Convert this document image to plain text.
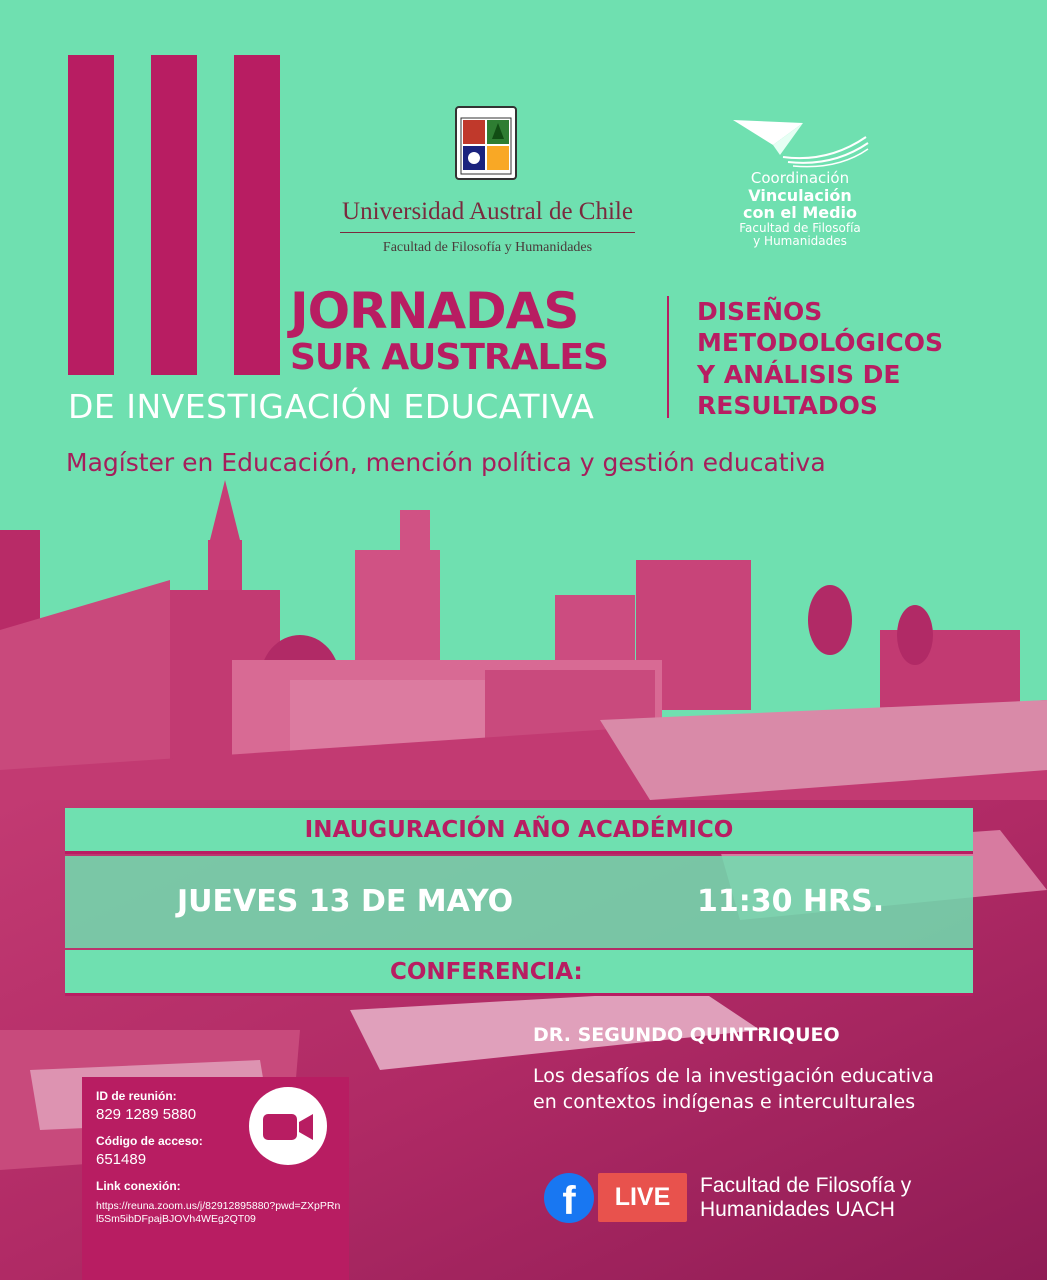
Universidad Austral de Chile
Facultad de Filosofía y Humanidades
Coordinación
Vinculación
con el Medio
Facultad de Filosofía
y Humanidades
JORNADAS
SUR AUSTRALES
DE INVESTIGACIÓN EDUCATIVA
DISEÑOS
METODOLÓGICOS
Y ANÁLISIS DE
RESULTADOS
Magíster en Educación, mención política y gestión educativa
INAUGURACIÓN AÑO ACADÉMICO
JUEVES 13 DE MAYO	11:30 HRS.
CONFERENCIA:
DR. SEGUNDO QUINTRIQUEO
Los desafíos de la investigación educativa en contextos indígenas e interculturales
ID de reunión:
829 1289 5880
Código de acceso:
651489
Link conexión:
https://reuna.zoom.us/j/82912895880?pwd=ZXpPRnl5Sm5ibDFpajBJOVh4WEg2QT09	f	LIVE	Facultad de Filosofía y
Humanidades UACH
